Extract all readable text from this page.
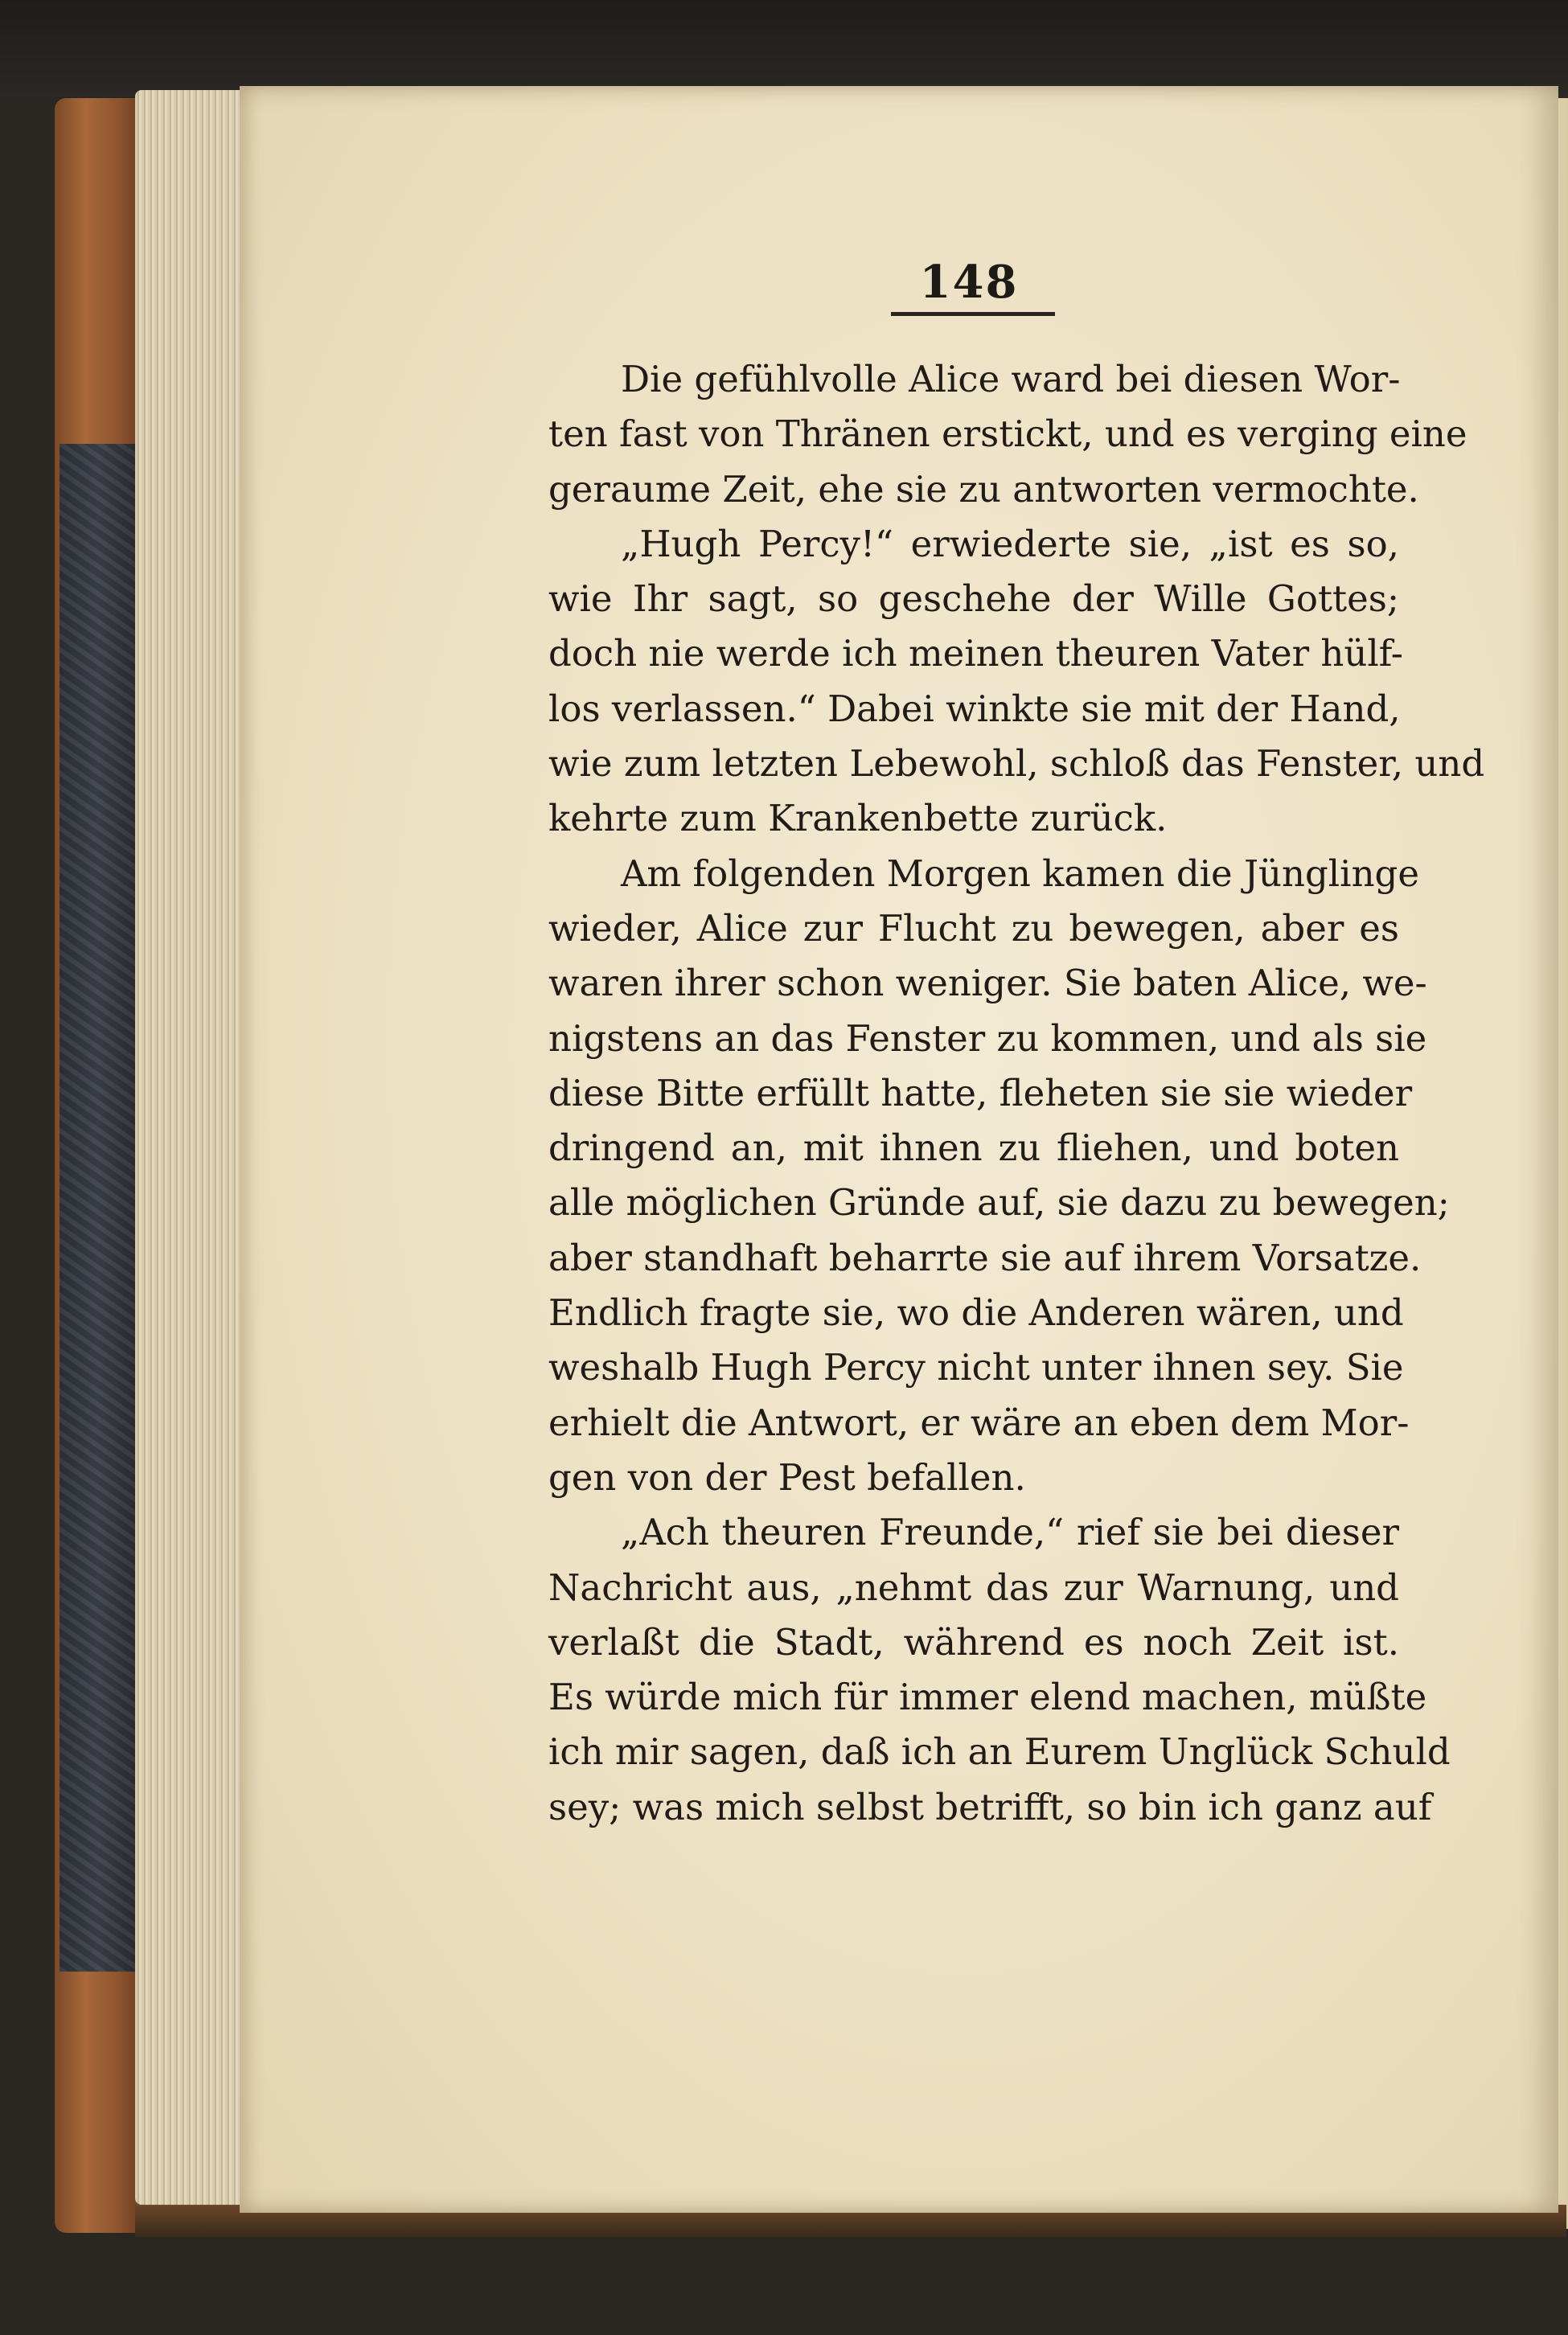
148
Die gefühlvolle Alice ward bei diesen Wor-
ten fast von Thränen erstickt, und es verging eine
geraume Zeit, ehe sie zu antworten vermochte.
„Hugh Percy!“ erwiederte sie, „ist es so,
wie Ihr sagt, so geschehe der Wille Gottes;
doch nie werde ich meinen theuren Vater hülf-
los verlassen.“ Dabei winkte sie mit der Hand,
wie zum letzten Lebewohl, schloß das Fenster, und
kehrte zum Krankenbette zurück.
Am folgenden Morgen kamen die Jünglinge
wieder, Alice zur Flucht zu bewegen, aber es
waren ihrer schon weniger. Sie baten Alice, we-
nigstens an das Fenster zu kommen, und als sie
diese Bitte erfüllt hatte, fleheten sie sie wieder
dringend an, mit ihnen zu fliehen, und boten
alle möglichen Gründe auf, sie dazu zu bewegen;
aber standhaft beharrte sie auf ihrem Vorsatze.
Endlich fragte sie, wo die Anderen wären, und
weshalb Hugh Percy nicht unter ihnen sey. Sie
erhielt die Antwort, er wäre an eben dem Mor-
gen von der Pest befallen.
„Ach theuren Freunde,“ rief sie bei dieser
Nachricht aus, „nehmt das zur Warnung, und
verlaßt die Stadt, während es noch Zeit ist.
Es würde mich für immer elend machen, müßte
ich mir sagen, daß ich an Eurem Unglück Schuld
sey; was mich selbst betrifft, so bin ich ganz auf
